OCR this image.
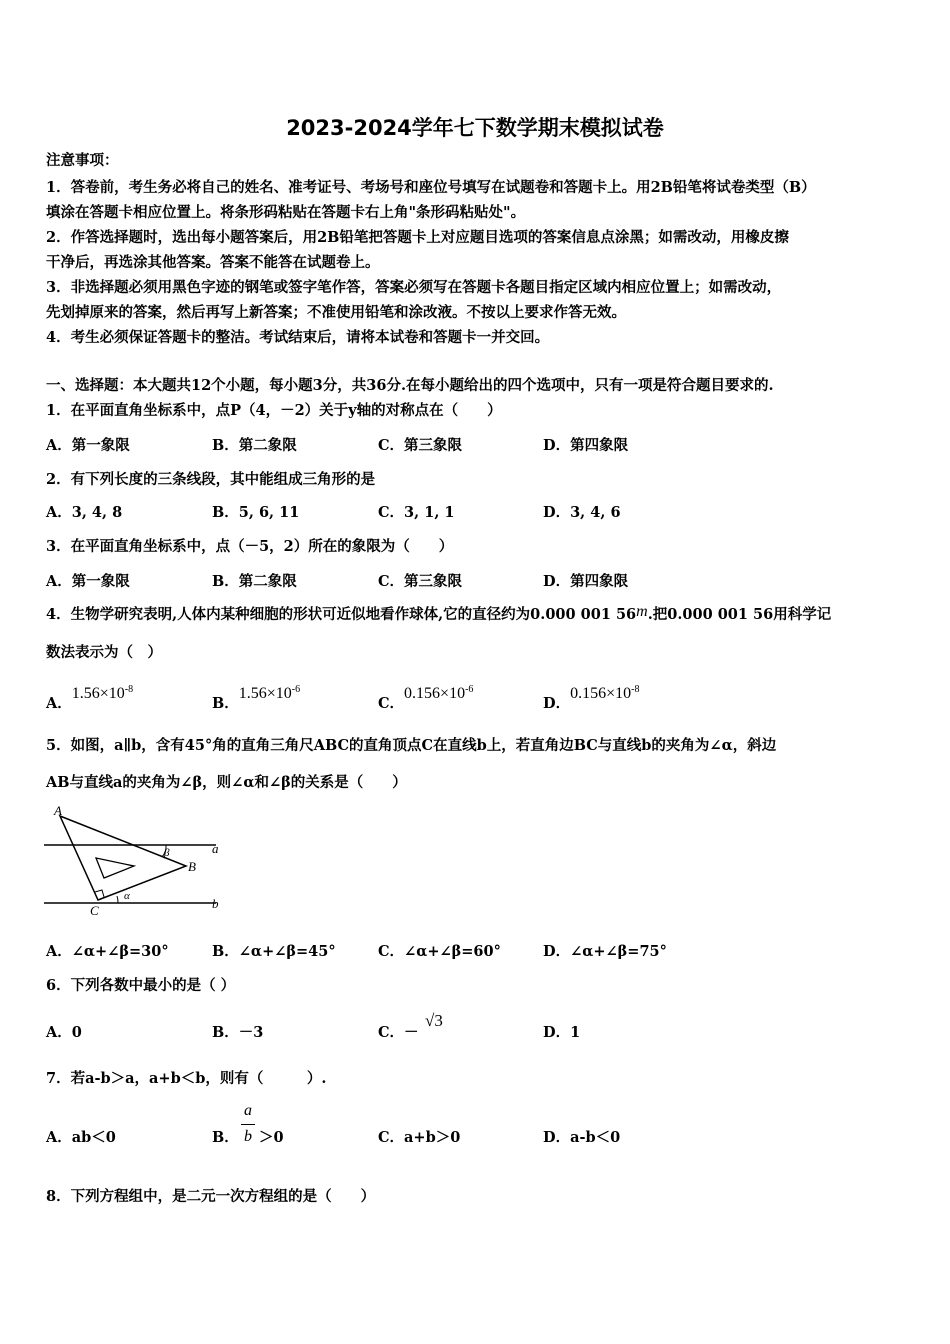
2023-2024学年七下数学期末模拟试卷
注意事项：
1．答卷前，考生务必将自己的姓名、准考证号、考场号和座位号填写在试题卷和答题卡上。用2B铅笔将试卷类型（B）
填涂在答题卡相应位置上。将条形码粘贴在答题卡右上角"条形码粘贴处"。
2．作答选择题时，选出每小题答案后，用2B铅笔把答题卡上对应题目选项的答案信息点涂黑；如需改动，用橡皮擦
干净后，再选涂其他答案。答案不能答在试题卷上。
3．非选择题必须用黑色字迹的钢笔或签字笔作答，答案必须写在答题卡各题目指定区域内相应位置上；如需改动，
先划掉原来的答案，然后再写上新答案；不准使用铅笔和涂改液。不按以上要求作答无效。
4．考生必须保证答题卡的整洁。考试结束后，请将本试卷和答题卡一并交回。
一、选择题：本大题共12个小题，每小题3分，共36分.在每小题给出的四个选项中，只有一项是符合题目要求的.
1．在平面直角坐标系中，点P（4，－2）关于y轴的对称点在（　　）
A．第一象限	B．第二象限	C．第三象限	D．第四象限
2．有下列长度的三条线段，其中能组成三角形的是
A．3, 4, 8	B．5, 6, 11	C．3, 1, 1	D．3, 4, 6
3．在平面直角坐标系中，点（－5，2）所在的象限为（　　）
A．第一象限	B．第二象限	C．第三象限	D．第四象限
4．生物学研究表明,人体内某种细胞的形状可近似地看作球体,它的直径约为0.000 001 56m.把0.000 001 56用科学记
数法表示为（　）
A．$1.56\times 10^{-8}$
B．$1.56\times 10^{-6}$
C．$0.156\times 10^{-6}$
D．$0.156\times 10^{-8}$
5．如图，a∥b，含有45°角的直角三角尺ABC的直角顶点C在直线b上，若直角边BC与直线b的夹角为∠α，斜边
AB与直线a的夹角为∠β，则∠α和∠β的关系是（　　）
A
B
C
a
b
α
β
A．∠α+∠β=30°	B．∠α+∠β=45°	C．∠α+∠β=60°	D．∠α+∠β=75°
6．下列各数中最小的是（ ）
A．0	B．－3	C．－
√3
D．1
7．若a-b＞a，a+b＜b，则有（　　　）.
A．ab＜0	B．
a
b ＞0	C．a+b＞0	D．a-b＜0
8．下列方程组中，是二元一次方程组的是（　　）
